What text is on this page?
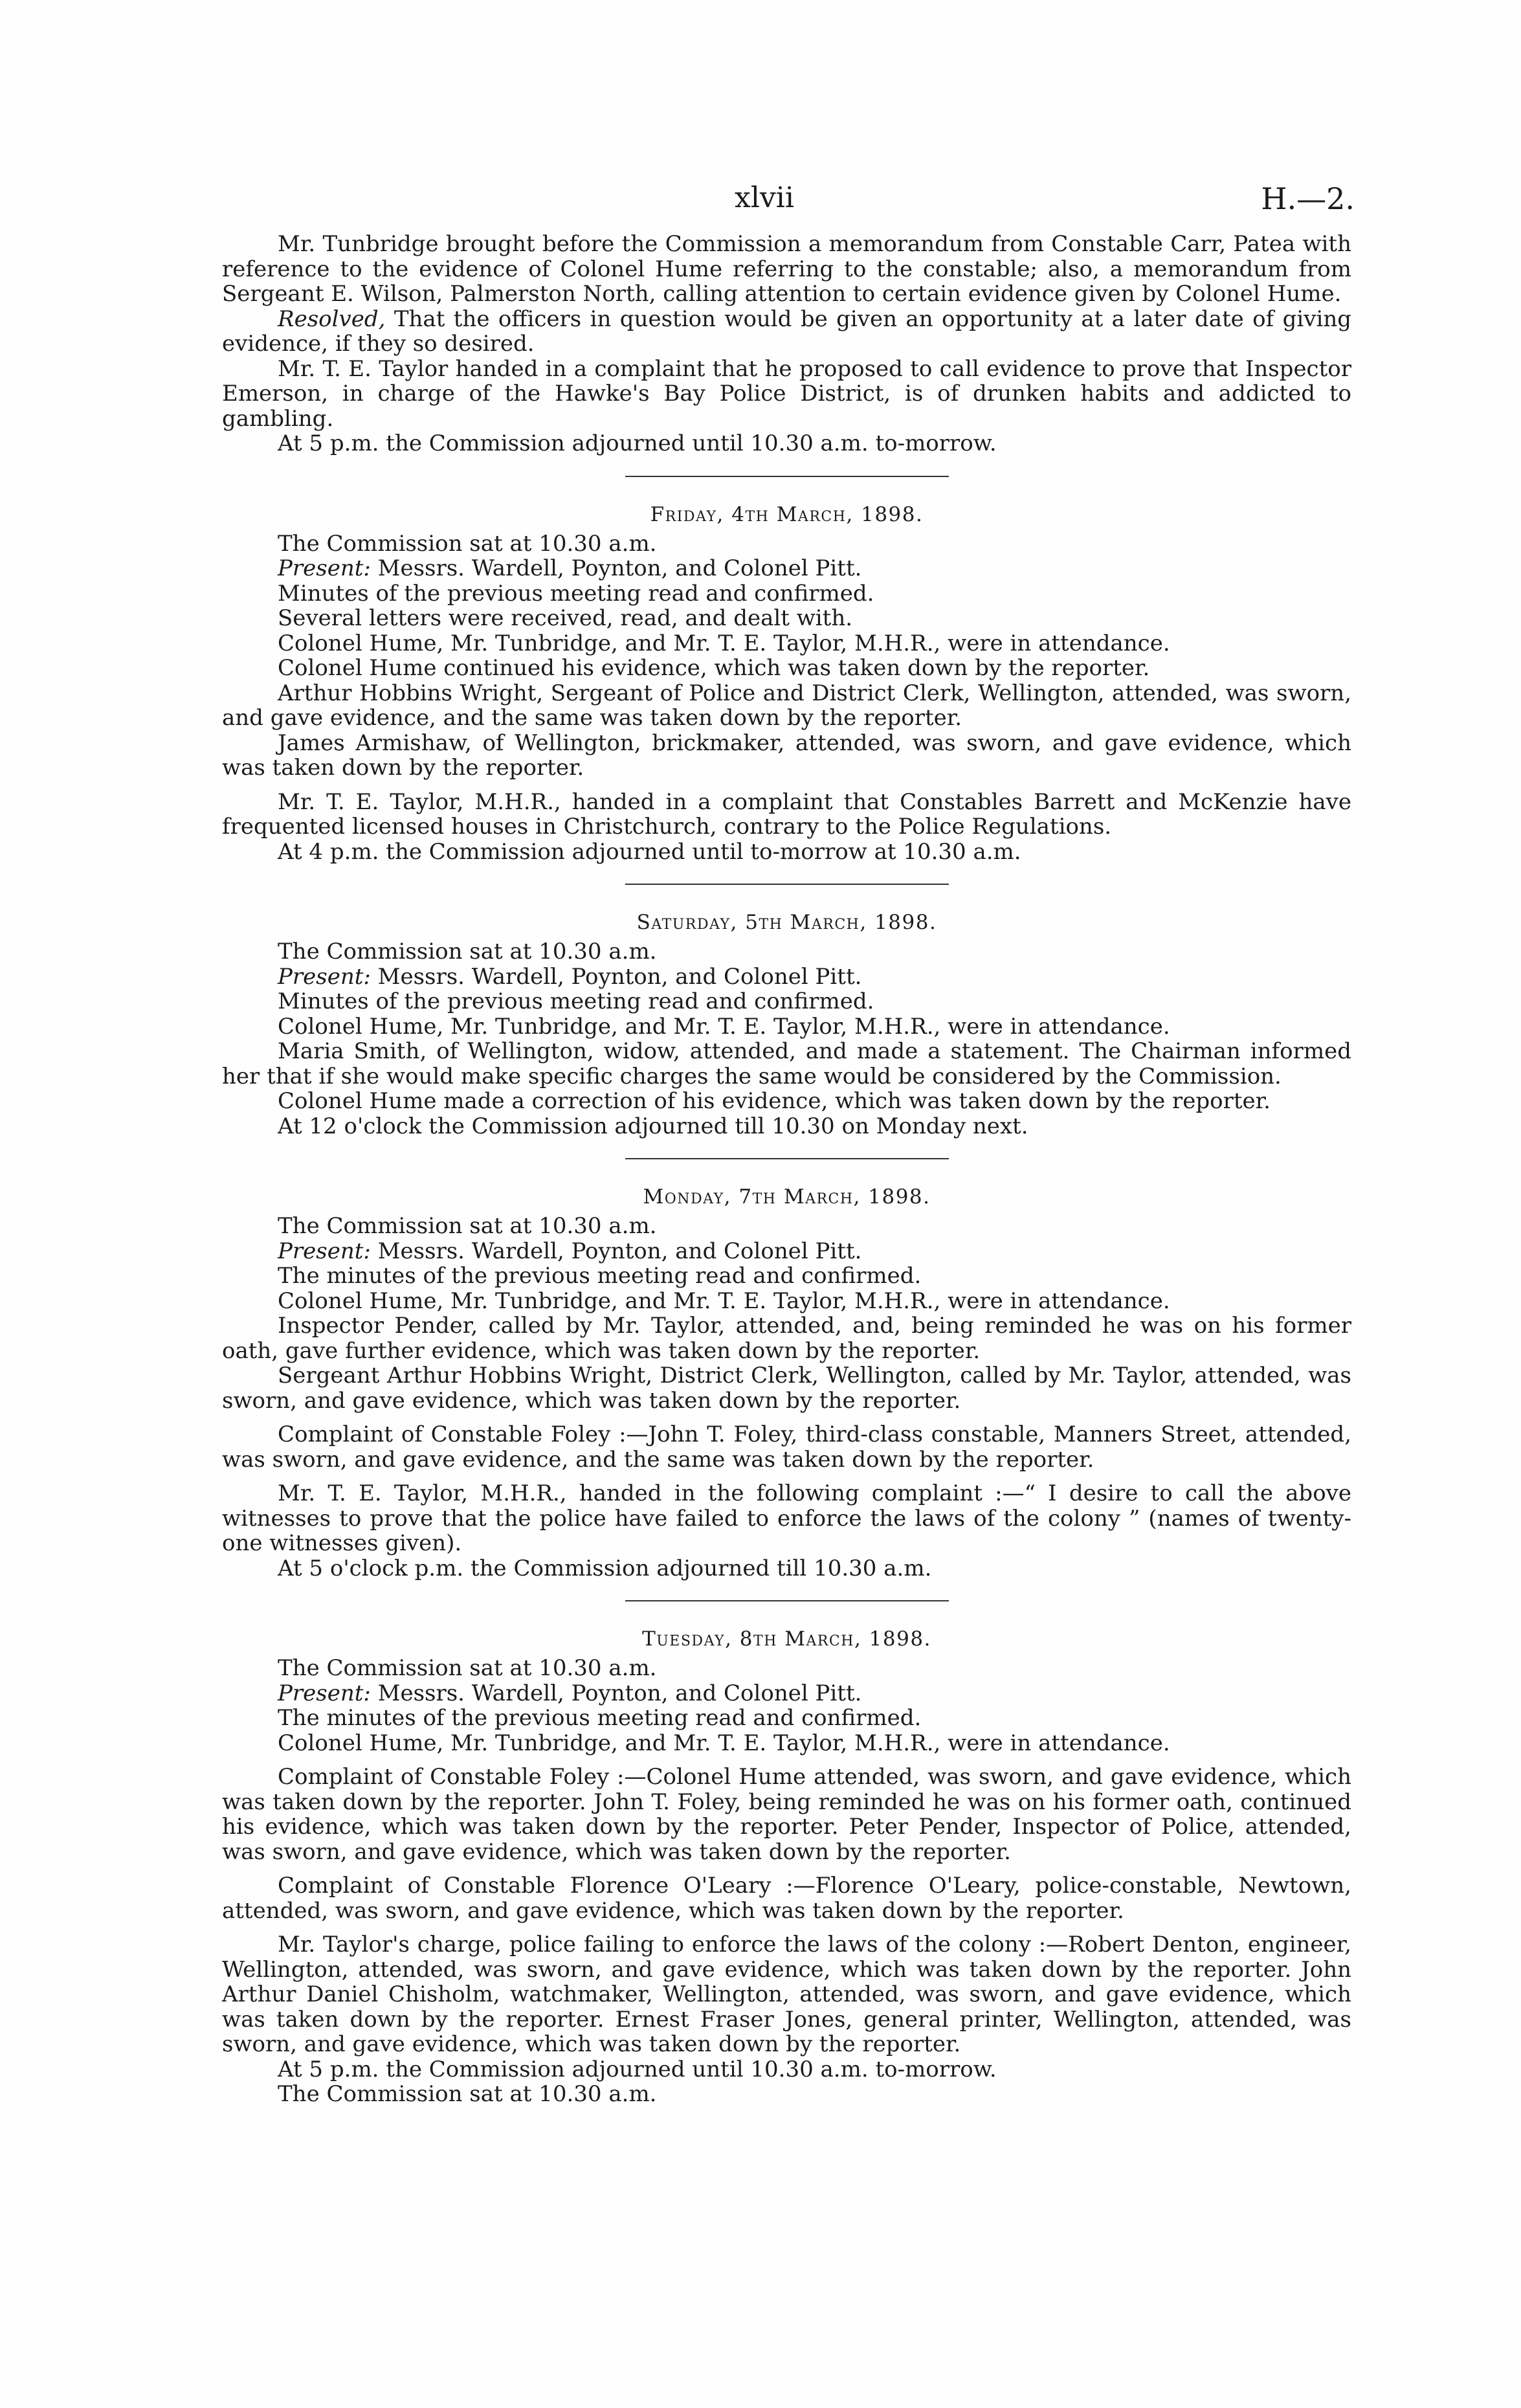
xlvii	H.—2.

Mr. Tunbridge brought before the Commission a memorandum from Constable Carr, Patea with reference to the evidence of Colonel Hume referring to the constable; also, a memorandum from Sergeant E. Wilson, Palmerston North, calling attention to certain evidence given by Colonel Hume.

Resolved, That the officers in question would be given an opportunity at a later date of giving evidence, if they so desired.

Mr. T. E. Taylor handed in a complaint that he proposed to call evidence to prove that Inspector Emerson, in charge of the Hawke's Bay Police District, is of drunken habits and addicted to gambling.

At 5 p.m. the Commission adjourned until 10.30 a.m. to-morrow.

Friday, 4th March, 1898.

The Commission sat at 10.30 a.m.

Present: Messrs. Wardell, Poynton, and Colonel Pitt.

Minutes of the previous meeting read and confirmed.

Several letters were received, read, and dealt with.

Colonel Hume, Mr. Tunbridge, and Mr. T. E. Taylor, M.H.R., were in attendance.

Colonel Hume continued his evidence, which was taken down by the reporter.

Arthur Hobbins Wright, Sergeant of Police and District Clerk, Wellington, attended, was sworn, and gave evidence, and the same was taken down by the reporter.

James Armishaw, of Wellington, brickmaker, attended, was sworn, and gave evidence, which was taken down by the reporter.

Mr. T. E. Taylor, M.H.R., handed in a complaint that Constables Barrett and McKenzie have frequented licensed houses in Christchurch, contrary to the Police Regulations.

At 4 p.m. the Commission adjourned until to-morrow at 10.30 a.m.

Saturday, 5th March, 1898.

The Commission sat at 10.30 a.m.

Present: Messrs. Wardell, Poynton, and Colonel Pitt.

Minutes of the previous meeting read and confirmed.

Colonel Hume, Mr. Tunbridge, and Mr. T. E. Taylor, M.H.R., were in attendance.

Maria Smith, of Wellington, widow, attended, and made a statement. The Chairman informed her that if she would make specific charges the same would be considered by the Commission.

Colonel Hume made a correction of his evidence, which was taken down by the reporter.

At 12 o'clock the Commission adjourned till 10.30 on Monday next.

Monday, 7th March, 1898.

The Commission sat at 10.30 a.m.

Present: Messrs. Wardell, Poynton, and Colonel Pitt.

The minutes of the previous meeting read and confirmed.

Colonel Hume, Mr. Tunbridge, and Mr. T. E. Taylor, M.H.R., were in attendance.

Inspector Pender, called by Mr. Taylor, attended, and, being reminded he was on his former oath, gave further evidence, which was taken down by the reporter.

Sergeant Arthur Hobbins Wright, District Clerk, Wellington, called by Mr. Taylor, attended, was sworn, and gave evidence, which was taken down by the reporter.

Complaint of Constable Foley :—John T. Foley, third-class constable, Manners Street, attended, was sworn, and gave evidence, and the same was taken down by the reporter.

Mr. T. E. Taylor, M.H.R., handed in the following complaint :—“ I desire to call the above witnesses to prove that the police have failed to enforce the laws of the colony ” (names of twenty-one witnesses given).

At 5 o'clock p.m. the Commission adjourned till 10.30 a.m.

Tuesday, 8th March, 1898.

The Commission sat at 10.30 a.m.

Present: Messrs. Wardell, Poynton, and Colonel Pitt.

The minutes of the previous meeting read and confirmed.

Colonel Hume, Mr. Tunbridge, and Mr. T. E. Taylor, M.H.R., were in attendance.

Complaint of Constable Foley :—Colonel Hume attended, was sworn, and gave evidence, which was taken down by the reporter. John T. Foley, being reminded he was on his former oath, continued his evidence, which was taken down by the reporter. Peter Pender, Inspector of Police, attended, was sworn, and gave evidence, which was taken down by the reporter.

Complaint of Constable Florence O'Leary :—Florence O'Leary, police-constable, Newtown, attended, was sworn, and gave evidence, which was taken down by the reporter.

Mr. Taylor's charge, police failing to enforce the laws of the colony :—Robert Denton, engineer, Wellington, attended, was sworn, and gave evidence, which was taken down by the reporter. John Arthur Daniel Chisholm, watchmaker, Wellington, attended, was sworn, and gave evidence, which was taken down by the reporter. Ernest Fraser Jones, general printer, Wellington, attended, was sworn, and gave evidence, which was taken down by the reporter.

At 5 p.m. the Commission adjourned until 10.30 a.m. to-morrow.

The Commission sat at 10.30 a.m.
